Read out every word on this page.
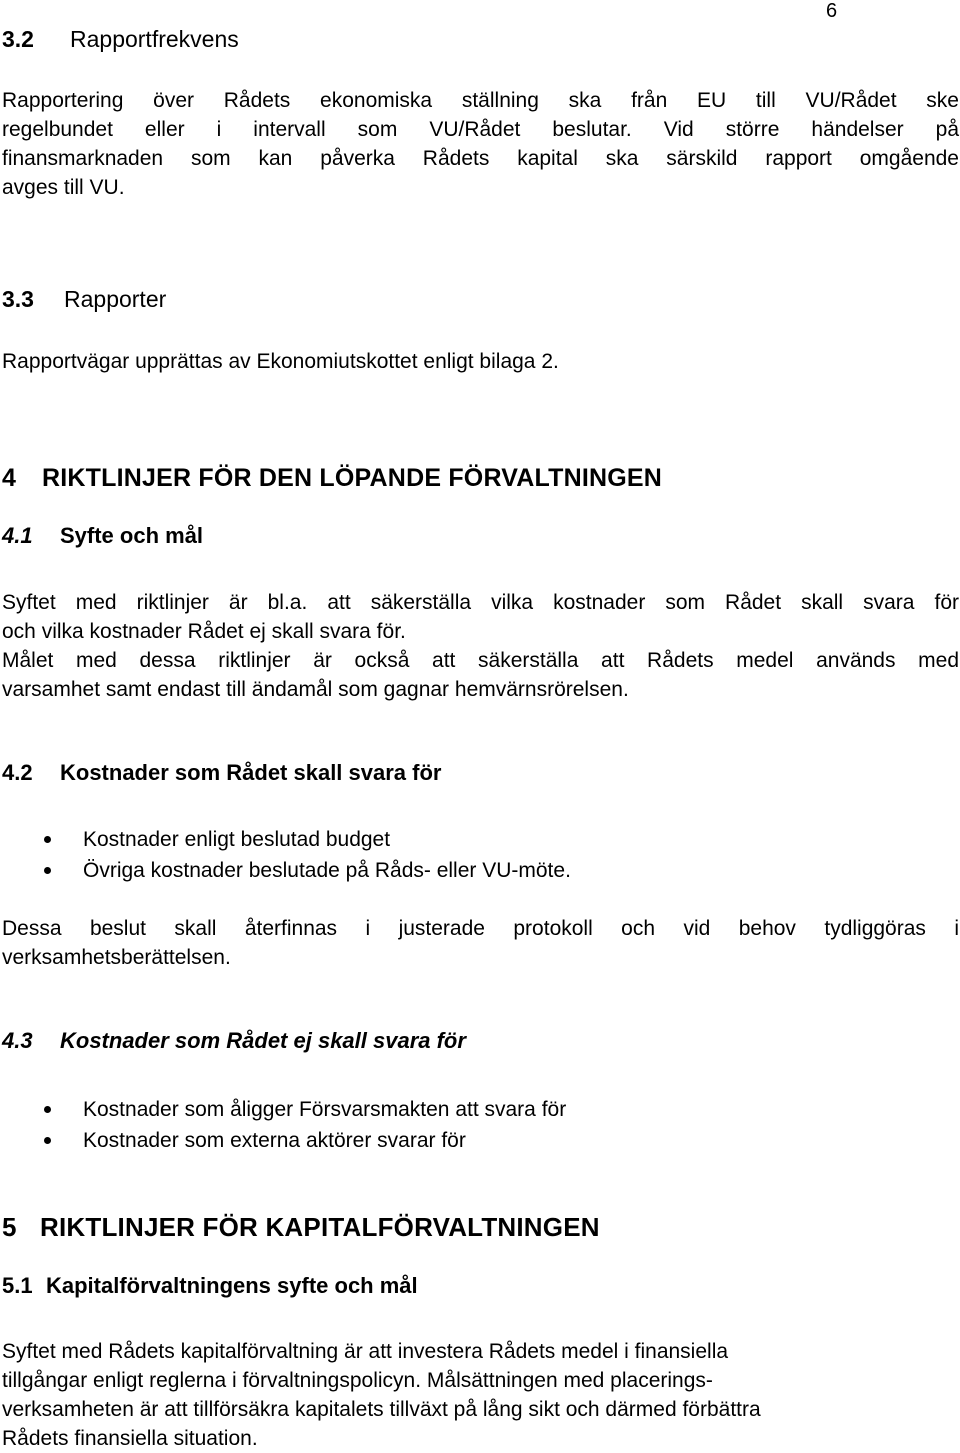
6
3.2 Rapportfrekvens
Rapportering över Rådets ekonomiska ställning ska från EU till VU/Rådet ske
regelbundet eller i intervall som VU/Rådet beslutar. Vid större händelser på
finansmarknaden som kan påverka Rådets kapital ska särskild rapport omgående
avges till VU.
3.3 Rapporter
Rapportvägar upprättas av Ekonomiutskottet enligt bilaga 2.
4 RIKTLINJER FÖR DEN LÖPANDE FÖRVALTNINGEN
4.1 Syfte och mål
Syftet med riktlinjer är bl.a. att säkerställa vilka kostnader som Rådet skall svara för
och vilka kostnader Rådet ej skall svara för.
Målet med dessa riktlinjer är också att säkerställa att Rådets medel används med
varsamhet samt endast till ändamål som gagnar hemvärnsrörelsen.
4.2 Kostnader som Rådet skall svara för
Kostnader enligt beslutad budget
Övriga kostnader beslutade på Råds- eller VU-möte.
Dessa beslut skall återfinnas i justerade protokoll och vid behov tydliggöras i
verksamhetsberättelsen.
4.3 Kostnader som Rådet ej skall svara för
Kostnader som åligger Försvarsmakten att svara för
Kostnader som externa aktörer svarar för
5 RIKTLINJER FÖR KAPITALFÖRVALTNINGEN
5.1 Kapitalförvaltningens syfte och mål
Syftet med Rådets kapitalförvaltning är att investera Rådets medel i finansiella
tillgångar enligt reglerna i förvaltningspolicyn. Målsättningen med placerings-
verksamheten är att tillförsäkra kapitalets tillväxt på lång sikt och därmed förbättra
Rådets finansiella situation.
